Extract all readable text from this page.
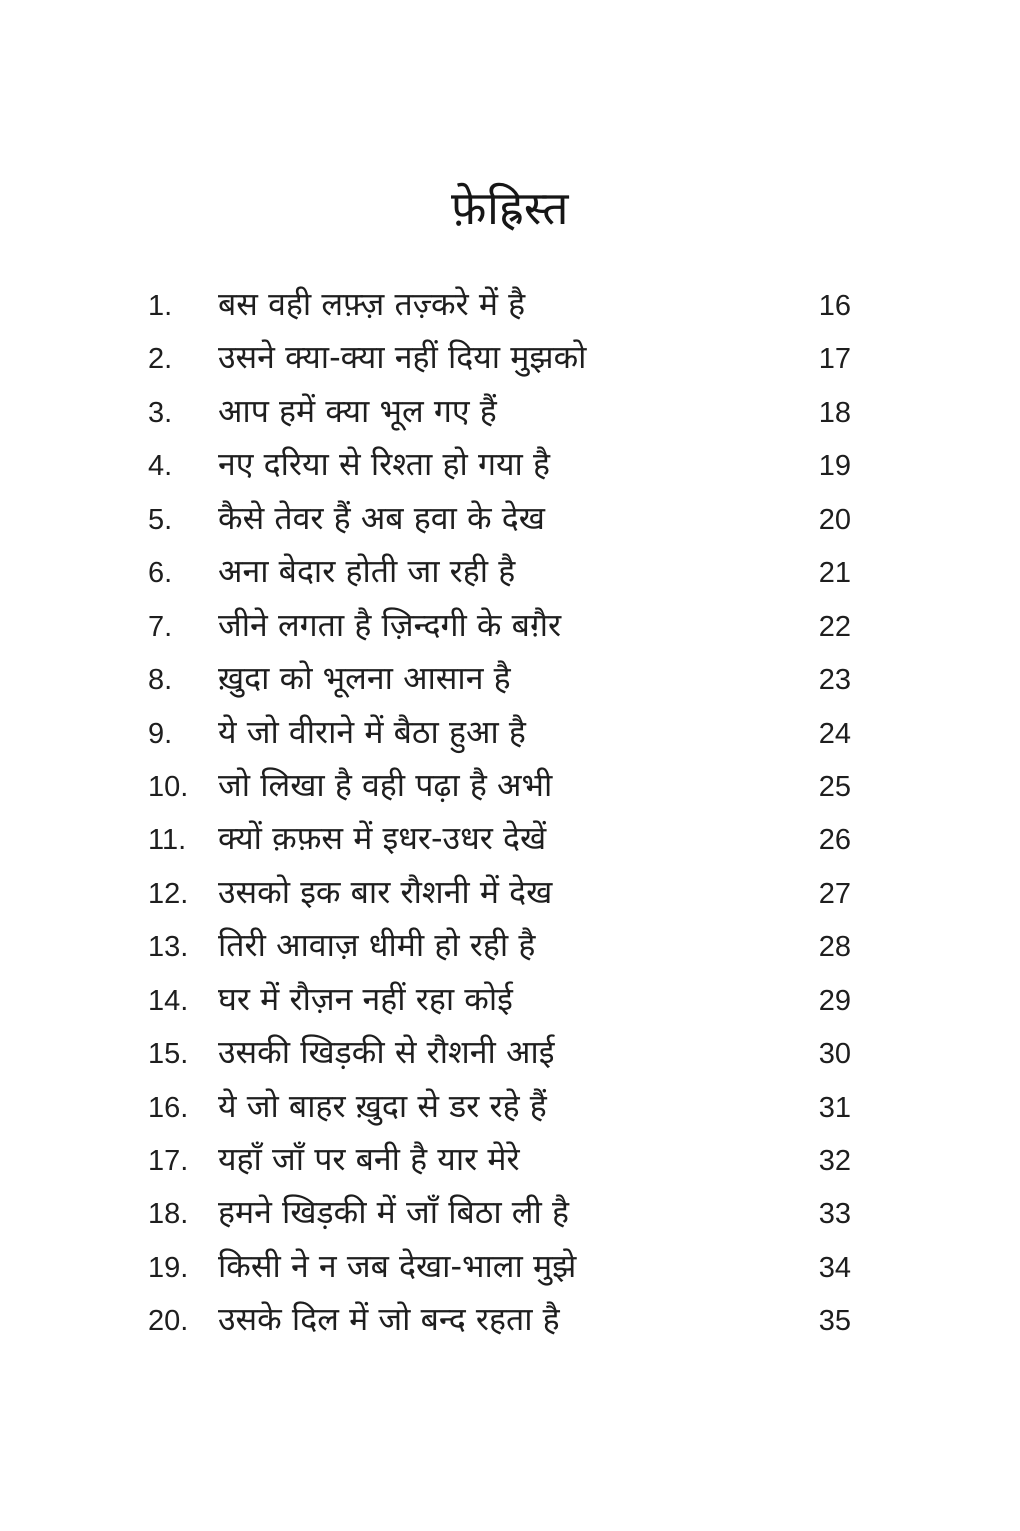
फ़ेह्रिस्त
1.	बस वही लफ़्ज़ तज़्करे में है	16
2.	उसने क्या-क्या नहीं दिया मुझको	17
3.	आप हमें क्या भूल गए हैं	18
4.	नए दरिया से रिश्ता हो गया है	19
5.	कैसे तेवर हैं अब हवा के देख	20
6.	अना बेदार होती जा रही है	21
7.	जीने लगता है ज़िन्दगी के बग़ैर	22
8.	ख़ुदा को भूलना आसान है	23
9.	ये जो वीराने में बैठा हुआ है	24
10. जो लिखा है वही पढ़ा है अभी	25
11. क्यों क़फ़स में इधर-उधर देखें	26
12. उसको इक बार रौशनी में देख	27
13. तिरी आवाज़ धीमी हो रही है	28
14. घर में रौज़न नहीं रहा कोई	29
15. उसकी खिड़की से रौशनी आई	30
16. ये जो बाहर ख़ुदा से डर रहे हैं	31
17. यहाँ जाँ पर बनी है यार मेरे	32
18. हमने खिड़की में जाँ बिठा ली है	33
19. किसी ने न जब देखा-भाला मुझे	34
20. उसके दिल में जो बन्द रहता है	35
